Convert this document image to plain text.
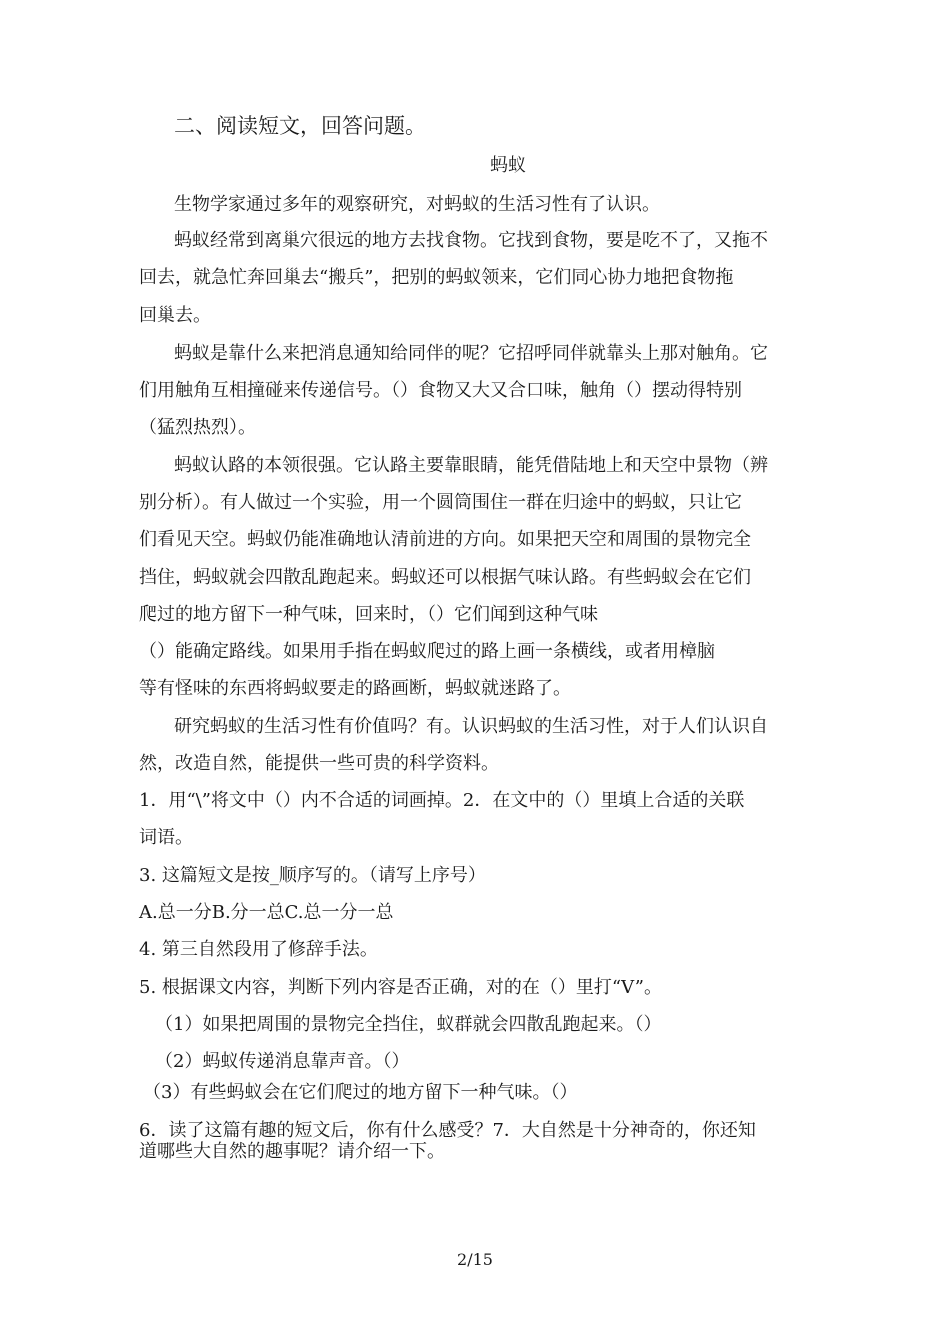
二、阅读短文，回答问题。
蚂蚁
生物学家通过多年的观察研究，对蚂蚁的生活习性有了认识。
蚂蚁经常到离巢穴很远的地方去找食物。它找到食物，要是吃不了，又拖不
回去，就急忙奔回巢去“搬兵”，把别的蚂蚁领来，它们同心协力地把食物拖
回巢去。
蚂蚁是靠什么来把消息通知给同伴的呢？它招呼同伴就靠头上那对触角。它
们用触角互相撞碰来传递信号。（）食物又大又合口味，触角（）摆动得特别
（猛烈热烈）。
蚂蚁认路的本领很强。它认路主要靠眼睛，能凭借陆地上和天空中景物（辨
别分析）。有人做过一个实验，用一个圆筒围住一群在归途中的蚂蚁，只让它
们看见天空。蚂蚁仍能准确地认清前进的方向。如果把天空和周围的景物完全
挡住，蚂蚁就会四散乱跑起来。蚂蚁还可以根据气味认路。有些蚂蚁会在它们
爬过的地方留下一种气味，回来时，（）它们闻到这种气味
（）能确定路线。如果用手指在蚂蚁爬过的路上画一条横线，或者用樟脑
等有怪味的东西将蚂蚁要走的路画断，蚂蚁就迷路了。
研究蚂蚁的生活习性有价值吗？有。认识蚂蚁的生活习性，对于人们认识自
然，改造自然，能提供一些可贵的科学资料。
1．用“\”将文中（）内不合适的词画掉。2．在文中的（）里填上合适的关联
词语。
3. 这篇短文是按_顺序写的。（请写上序号）
A.总一分B.分一总C.总一分一总
4. 第三自然段用了修辞手法。
5. 根据课文内容，判断下列内容是否正确，对的在（）里打“V”。
（1）如果把周围的景物完全挡住，蚁群就会四散乱跑起来。（）
（2）蚂蚁传递消息靠声音。（）
（3）有些蚂蚁会在它们爬过的地方留下一种气味。（）
6．读了这篇有趣的短文后，你有什么感受？7．大自然是十分神奇的，你还知
道哪些大自然的趣事呢？请介绍一下。
2/15
